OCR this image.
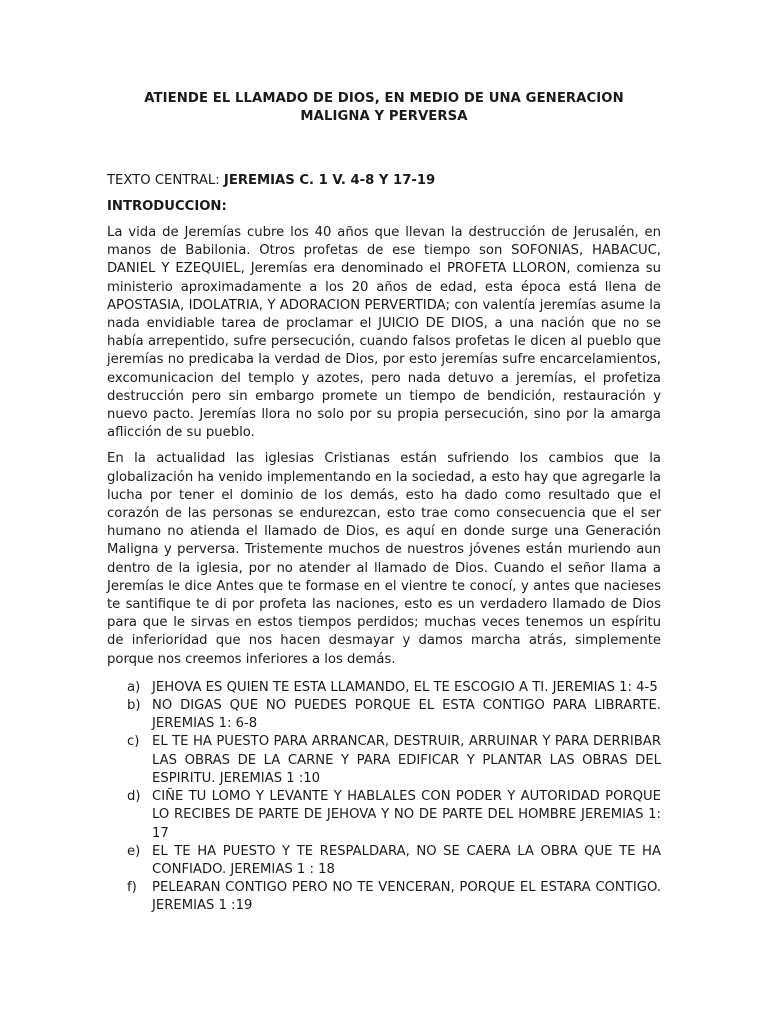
ATIENDE EL LLAMADO DE DIOS, EN MEDIO DE UNA GENERACION
MALIGNA Y PERVERSA

TEXTO CENTRAL: JEREMIAS C. 1 V. 4-8 Y 17-19

INTRODUCCION:

La vida de Jeremías cubre los 40 años que llevan la destrucción de Jerusalén, en manos de Babilonia. Otros profetas de ese tiempo son SOFONIAS, HABACUC, DANIEL Y EZEQUIEL, Jeremías era denominado el PROFETA LLORON, comienza su ministerio aproximadamente a los 20 años de edad, esta época está llena de APOSTASIA, IDOLATRIA, Y ADORACION PERVERTIDA; con valentía jeremías asume la nada envidiable tarea de proclamar el JUICIO DE DIOS, a una nación que no se había arrepentido, sufre persecución, cuando falsos profetas le dicen al pueblo que jeremías no predicaba la verdad de Dios, por esto jeremías sufre encarcelamientos, excomunicacion del templo y azotes, pero nada detuvo a jeremías, el profetiza destrucción pero sin embargo promete un tiempo de bendición, restauración y nuevo pacto. Jeremías llora no solo por su propia persecución, sino por la amarga aflicción de su pueblo.

En la actualidad las iglesias Cristianas están sufriendo los cambios que la globalización ha venido implementando en la sociedad, a esto hay que agregarle la lucha por tener el dominio de los demás, esto ha dado como resultado que el corazón de las personas se endurezcan, esto trae como consecuencia que el ser humano no atienda el llamado de Dios, es aquí en donde surge una Generación Maligna y perversa. Tristemente muchos de nuestros jóvenes están muriendo aun dentro de la iglesia, por no atender al llamado de Dios. Cuando el señor llama a Jeremías le dice Antes que te formase en el vientre te conocí, y antes que nacieses te santifique te di por profeta las naciones, esto es un verdadero llamado de Dios para que le sirvas en estos tiempos perdidos; muchas veces tenemos un espíritu de inferioridad que nos hacen desmayar y damos marcha atrás, simplemente porque nos creemos inferiores a los demás.

a) JEHOVA ES QUIEN TE ESTA LLAMANDO, EL TE ESCOGIO A TI. JEREMIAS 1: 4-5
b) NO DIGAS QUE NO PUEDES PORQUE EL ESTA CONTIGO PARA LIBRARTE. JEREMIAS 1: 6-8
c) EL TE HA PUESTO PARA ARRANCAR, DESTRUIR, ARRUINAR Y PARA DERRIBAR LAS OBRAS DE LA CARNE Y PARA EDIFICAR Y PLANTAR LAS OBRAS DEL ESPIRITU. JEREMIAS 1 :10
d) CIÑE TU LOMO Y LEVANTE Y HABLALES CON PODER Y AUTORIDAD PORQUE LO RECIBES DE PARTE DE JEHOVA Y NO DE PARTE DEL HOMBRE JEREMIAS 1: 17
e) EL TE HA PUESTO Y TE RESPALDARA, NO SE CAERA LA OBRA QUE TE HA CONFIADO. JEREMIAS 1 : 18
f) PELEARAN CONTIGO PERO NO TE VENCERAN, PORQUE EL ESTARA CONTIGO. JEREMIAS 1 :19
